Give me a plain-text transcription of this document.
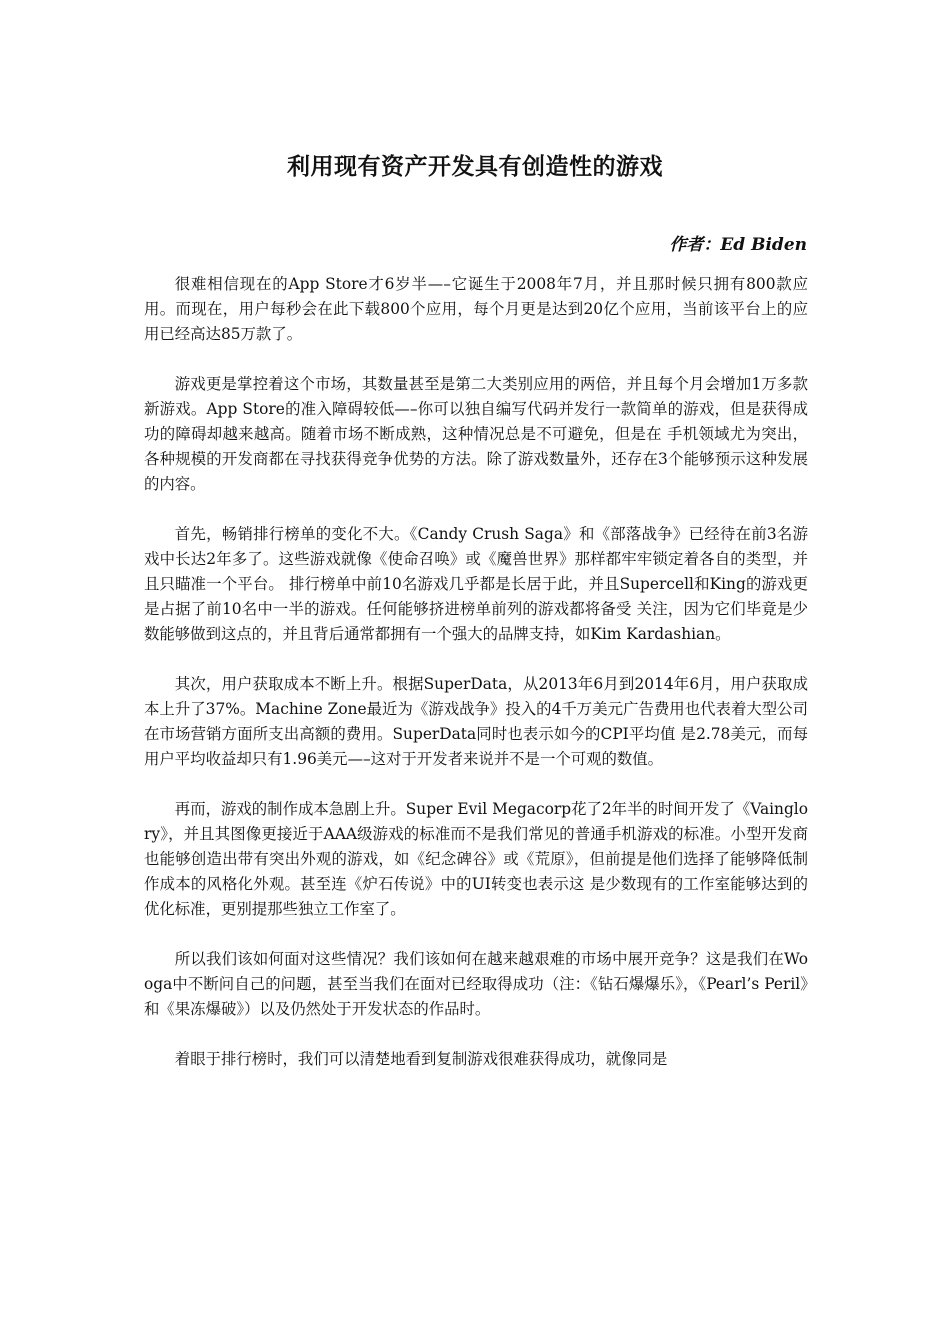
利用现有资产开发具有创造性的游戏

作者：Ed Biden

很难相信现在的App Store才6岁半—–它诞生于2008年7月，并且那时候只拥有800款应用。而现在，用户每秒会在此下载800个应用，每个月更是达到20亿个应用，当前该平台上的应用已经高达85万款了。

游戏更是掌控着这个市场，其数量甚至是第二大类别应用的两倍，并且每个月会增加1万多款新游戏。App Store的准入障碍较低—–你可以独自编写代码并发行一款简单的游戏，但是获得成功的障碍却越来越高。随着市场不断成熟，这种情况总是不可避免，但是在 手机领域尤为突出，各种规模的开发商都在寻找获得竞争优势的方法。除了游戏数量外，还存在3个能够预示这种发展的内容。

首先，畅销排行榜单的变化不大。《Candy Crush Saga》和《部落战争》已经待在前3名游戏中长达2年多了。这些游戏就像《使命召唤》或《魔兽世界》那样都牢牢锁定着各自的类型，并且只瞄准一个平台。 排行榜单中前10名游戏几乎都是长居于此，并且Supercell和King的游戏更是占据了前10名中一半的游戏。任何能够挤进榜单前列的游戏都将备受 关注，因为它们毕竟是少数能够做到这点的，并且背后通常都拥有一个强大的品牌支持，如Kim Kardashian。

其次，用户获取成本不断上升。根据SuperData，从2013年6月到2014年6月，用户获取成本上升了37%。Machine Zone最近为《游戏战争》投入的4千万美元广告费用也代表着大型公司在市场营销方面所支出高额的费用。SuperData同时也表示如今的CPI平均值 是2.78美元，而每用户平均收益却只有1.96美元—–这对于开发者来说并不是一个可观的数值。

再而，游戏的制作成本急剧上升。Super Evil Megacorp花了2年半的时间开发了《Vainglory》，并且其图像更接近于AAA级游戏的标准而不是我们常见的普通手机游戏的标准。小型开发商 也能够创造出带有突出外观的游戏，如《纪念碑谷》或《荒原》，但前提是他们选择了能够降低制作成本的风格化外观。甚至连《炉石传说》中的UI转变也表示这 是少数现有的工作室能够达到的优化标准，更别提那些独立工作室了。

所以我们该如何面对这些情况？我们该如何在越来越艰难的市场中展开竞争？这是我们在Wooga中不断问自己的问题，甚至当我们在面对已经取得成功（注：《钻石爆爆乐》，《Pearl’s Peril》和《果冻爆破》）以及仍然处于开发状态的作品时。

着眼于排行榜时，我们可以清楚地看到复制游戏很难获得成功，就像同是
